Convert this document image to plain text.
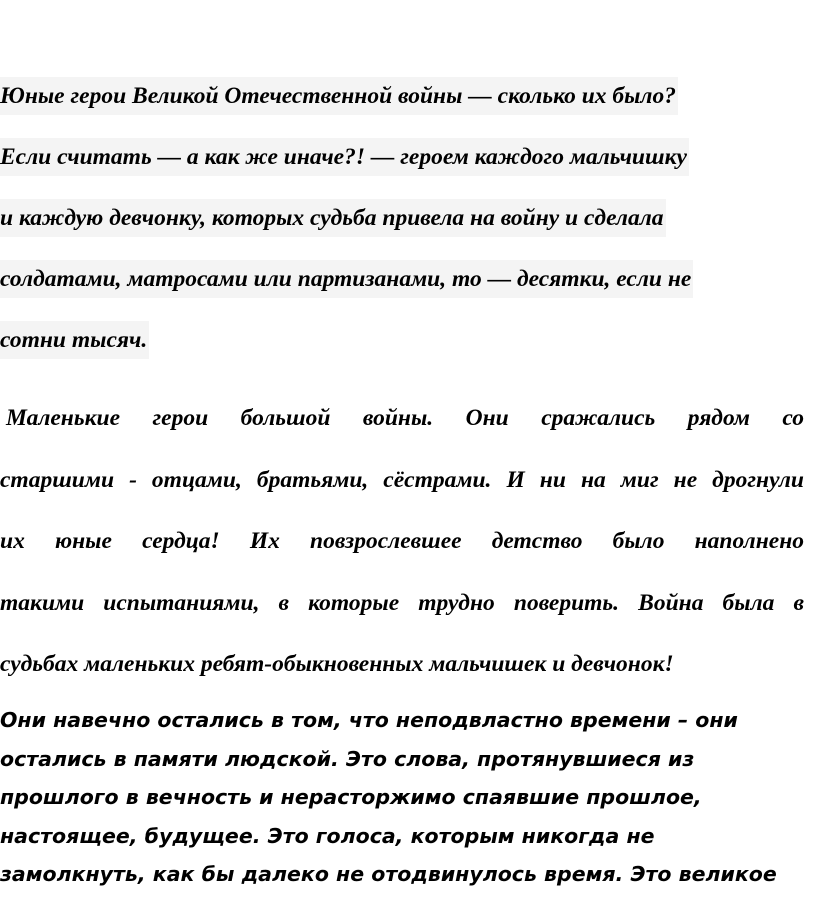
Юные герои Великой Отечественной войны — сколько их было?
Если считать — а как же иначе?! — героем каждого мальчишку
и каждую девчонку, которых судьба привела на войну и сделала
солдатами, матросами или партизанами, то — десятки, если не
сотни тысяч.
Маленькие герои большой войны. Они сражались рядом со
старшими - отцами, братьями, сёстрами. И ни на миг не дрогнули
их юные сердца! Их повзрослевшее детство было наполнено
такими испытаниями, в которые трудно поверить. Война была в
судьбах маленьких ребят-обыкновенных мальчишек и девчонок!
Они навечно остались в том, что неподвластно времени – они
остались в памяти людской. Это слова, протянувшиеся из
прошлого в вечность и нерасторжимо спаявшие прошлое,
настоящее, будущее. Это голоса, которым никогда не
замолкнуть, как бы далеко не отодвинулось время. Это великое
